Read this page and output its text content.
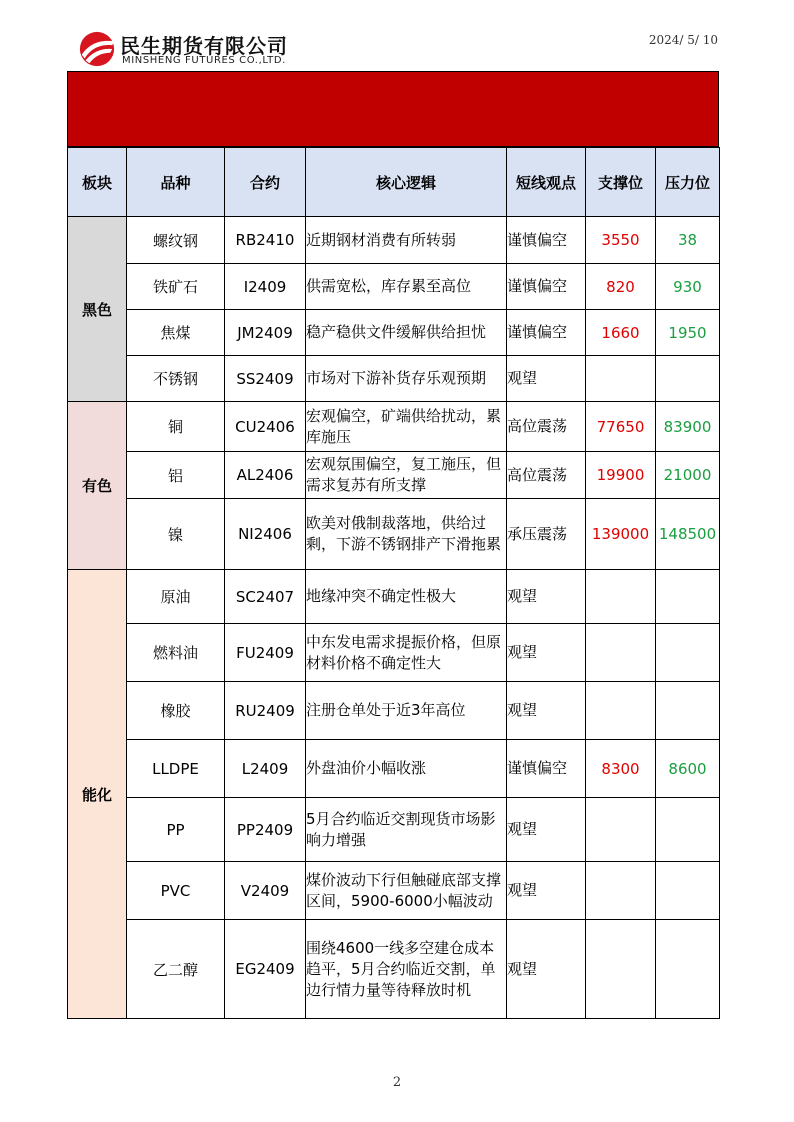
民生期货有限公司
MINSHENG FUTURES CO.,LTD.
2024/ 5/ 10
板块	品种	合约	核心逻辑	短线观点	支撑位	压力位
黑色	螺纹钢	RB2410	近期钢材消费有所转弱	谨慎偏空	3550	38
	铁矿石	I2409	供需宽松，库存累至高位	谨慎偏空	820	930
	焦煤	JM2409	稳产稳供文件缓解供给担忧	谨慎偏空	1660	1950
	不锈钢	SS2409	市场对下游补货存乐观预期	观望		
有色	铜	CU2406	宏观偏空，矿端供给扰动，累库施压	高位震荡	77650	83900
	铝	AL2406	宏观氛围偏空，复工施压，但需求复苏有所支撑	高位震荡	19900	21000
	镍	NI2406	欧美对俄制裁落地，供给过剩，下游不锈钢排产下滑拖累	承压震荡	139000	148500
能化	原油	SC2407	地缘冲突不确定性极大	观望		
	燃料油	FU2409	中东发电需求提振价格，但原材料价格不确定性大	观望		
	橡胶	RU2409	注册仓单处于近3年高位	观望		
	LLDPE	L2409	外盘油价小幅收涨	谨慎偏空	8300	8600
	PP	PP2409	5月合约临近交割现货市场影响力增强	观望		
	PVC	V2409	煤价波动下行但触碰底部支撑区间，5900-6000小幅波动	观望		
	乙二醇	EG2409	围绕4600一线多空建仓成本趋平，5月合约临近交割，单边行情力量等待释放时机	观望		
2
